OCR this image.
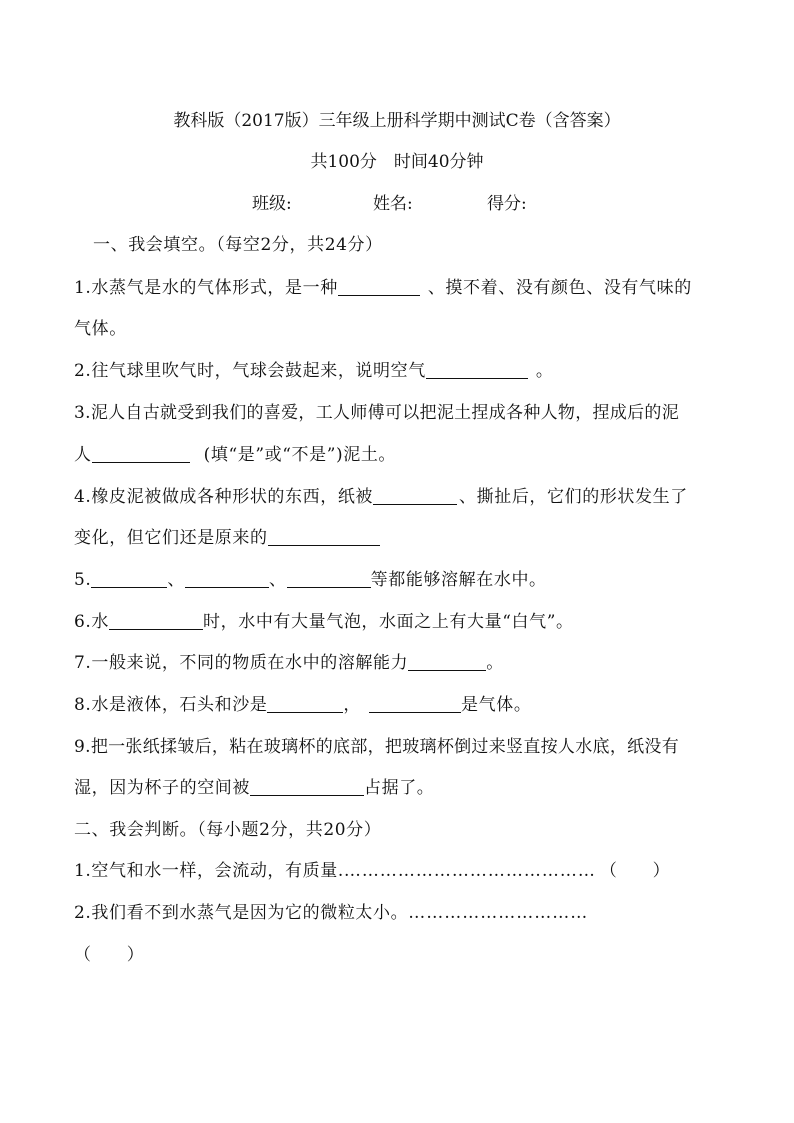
教科版（2017版）三年级上册科学期中测试C卷（含答案）
共100分　时间40分钟
班级:	姓名:	得分:
一、我会填空。（每空2分，共24分）
1.水蒸气是水的气体形式，是一种	、摸不着、没有颜色、没有气味的
气体。
2.往气球里吹气时，气球会鼓起来，说明空气	。
3.泥人自古就受到我们的喜爱，工人师傅可以把泥土捏成各种人物，捏成后的泥
人	(填“是”或“不是”)泥土。
4.橡皮泥被做成各种形状的东西，纸被	、撕扯后，它们的形状发生了
变化，但它们还是原来的
5.	、	、	等都能够溶解在水中。
6.水	时，水中有大量气泡，水面之上有大量“白气”。
7.一般来说，不同的物质在水中的溶解能力	。
8.水是液体，石头和沙是	，	是气体。
9.把一张纸揉皱后，粘在玻璃杯的底部，把玻璃杯倒过来竖直按人水底，纸没有
湿，因为杯子的空间被	占据了。
二、我会判断。（每小题2分，共20分）
1.空气和水一样，会流动，有质量.…………………………………… （　　）
2.我们看不到水蒸气是因为它的微粒太小。…………………………
（　　）
